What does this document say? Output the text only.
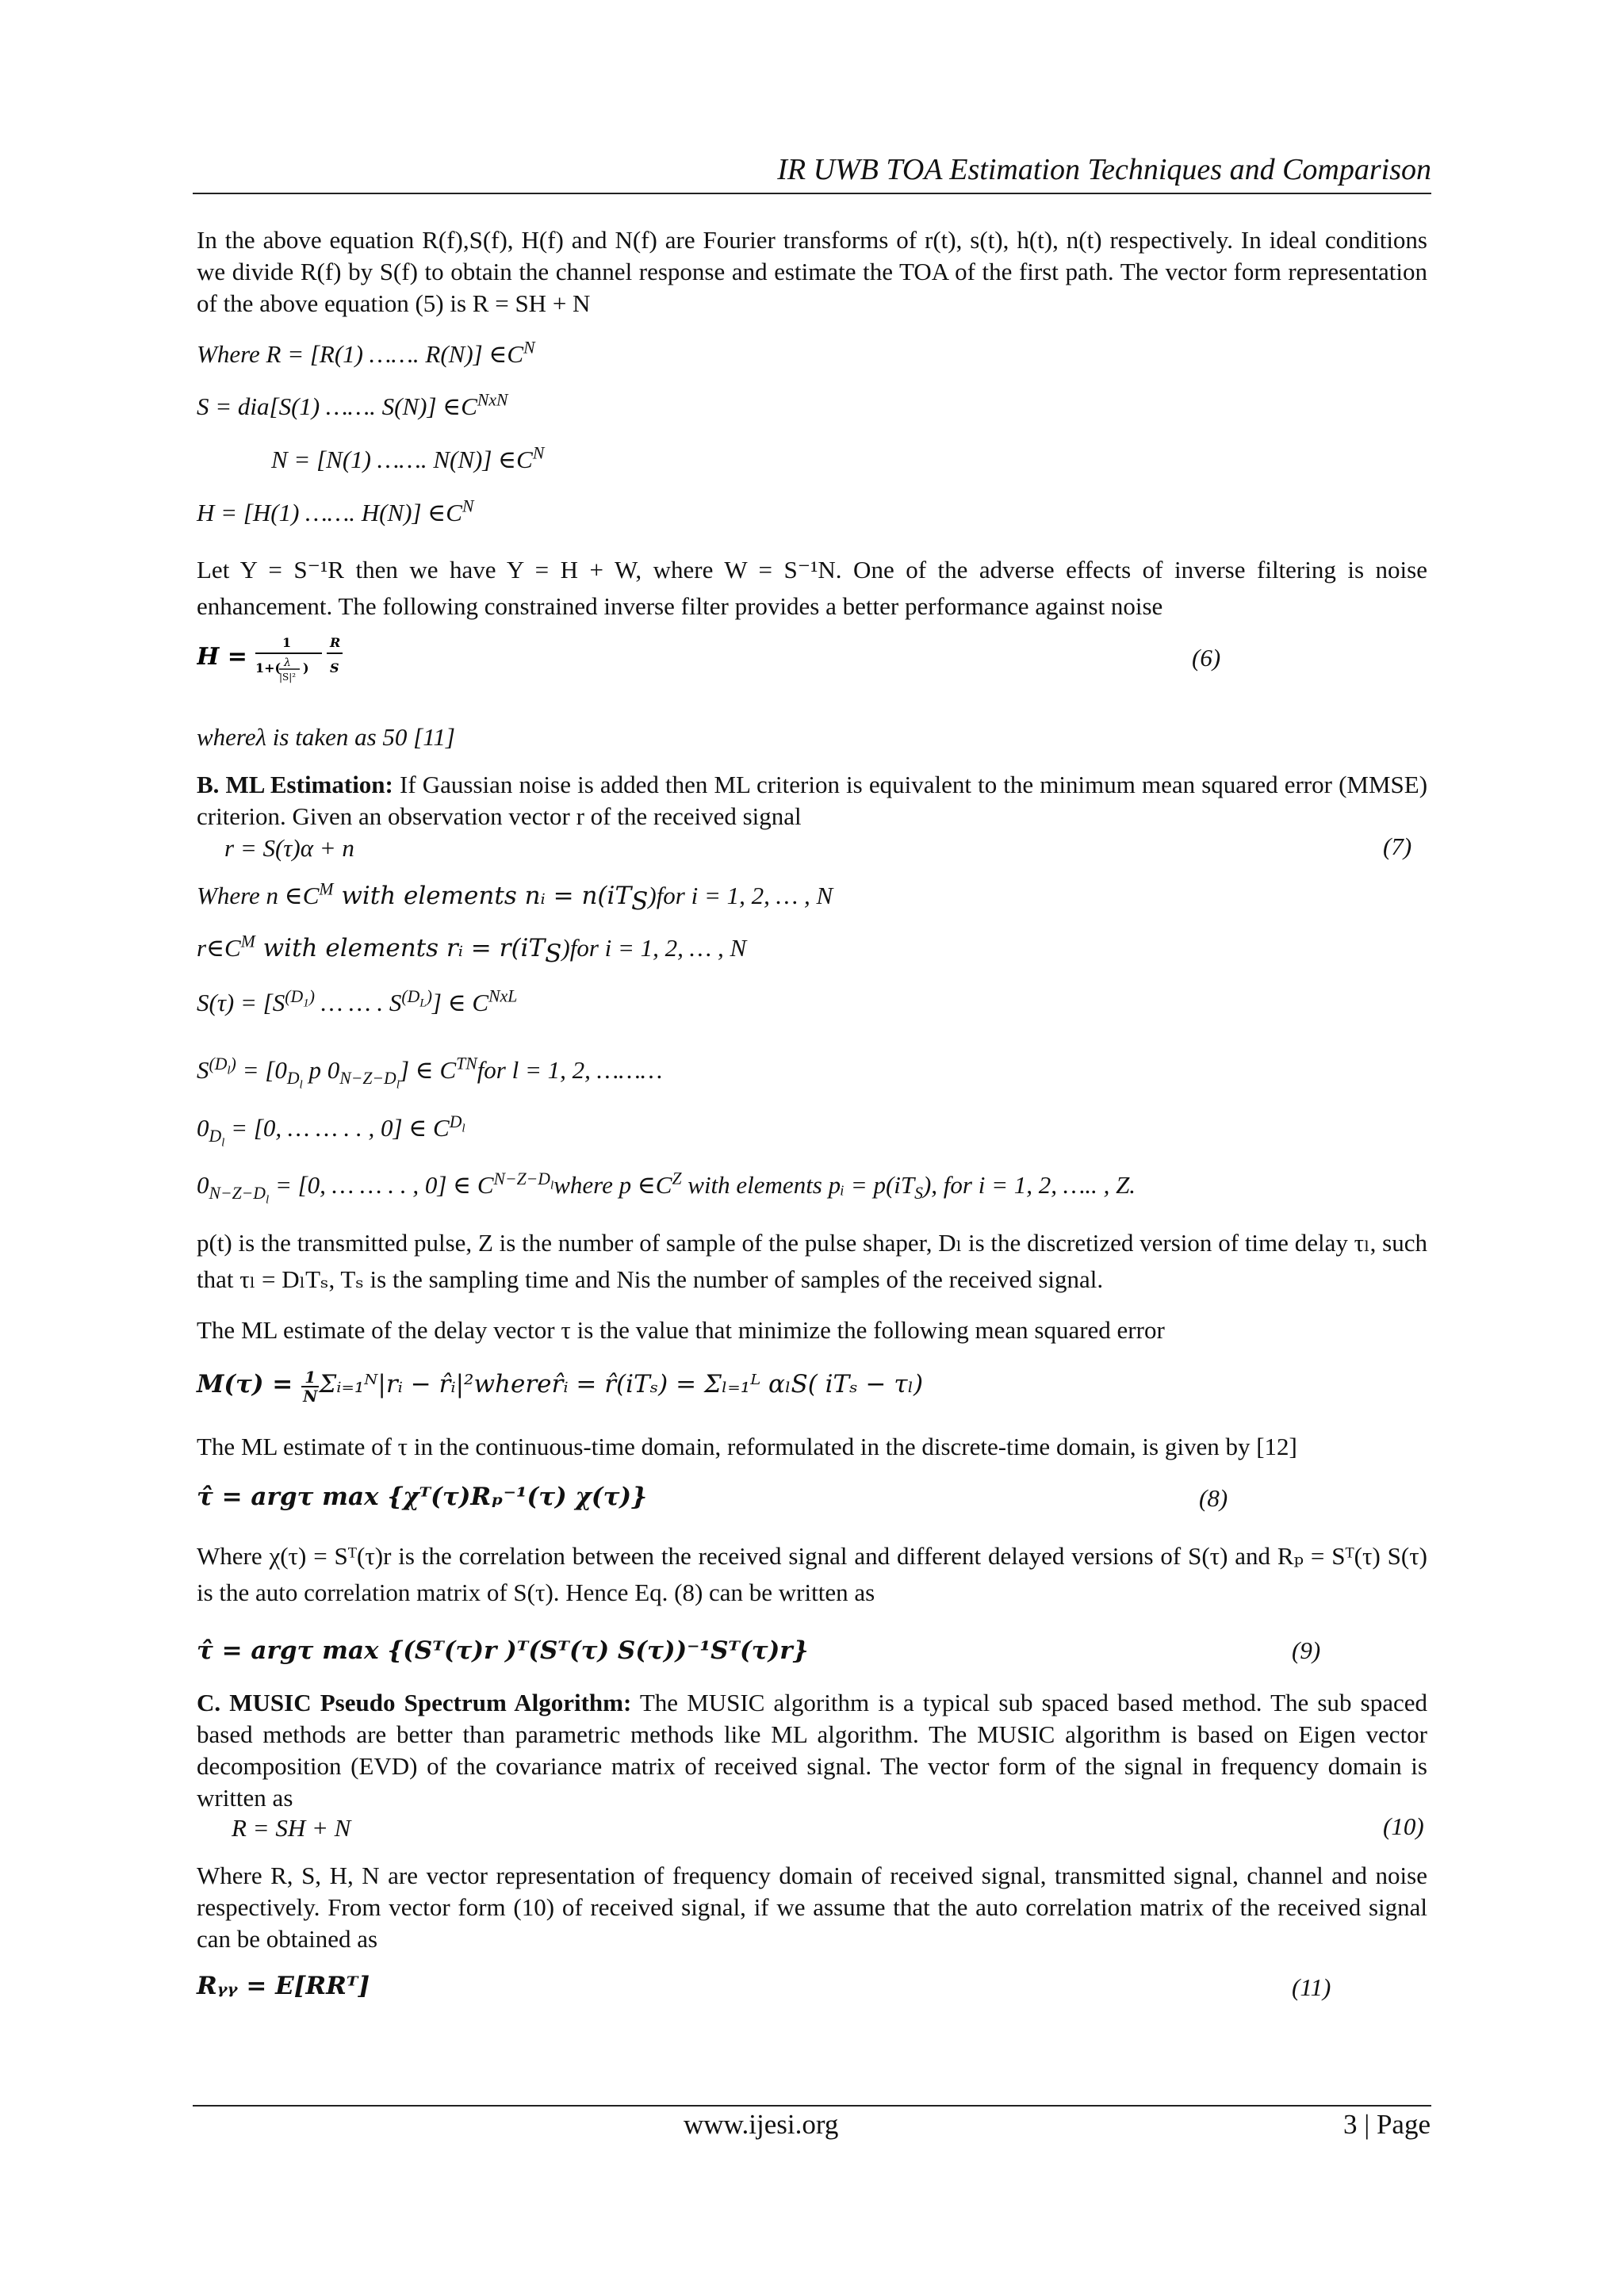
IR UWB TOA Estimation Techniques and Comparison
In the above equation R(f),S(f), H(f) and N(f) are Fourier transforms of r(t), s(t), h(t), n(t) respectively. In ideal conditions we divide R(f) by S(f) to obtain the channel response and estimate the TOA of the first path. The vector form representation of the above equation (5) is R = SH + N
Where R = [R(1) ……. R(N)] $\in C^N$
S = dia[S(1) ……. S(N)] $\in C^{NxN}$
N = [N(1) ……. N(N)] $\in C^N$
H = [H(1) ……. H(N)] $\in C^N$
Let Y = S⁻¹R then we have Y = H + W, where W = S⁻¹N. One of the adverse effects of inverse filtering is noise enhancement. The following constrained inverse filter provides a better performance against noise
H =
1
1+( λ
|S|²
)
R
S	(6)
whereλ is taken as 50 [11]
B. ML Estimation: If Gaussian noise is added then ML criterion is equivalent to the minimum mean squared error (MMSE) criterion. Given an observation vector r of the received signal
r = S(τ)α + n	(7)
Where n $\in C^M$ with elements nᵢ = $n(iT_S)for$ i = 1, 2, … , N
$r\in C^M$ with elements rᵢ = $r(iT_S)for$ i = 1, 2, … , N
$S(\tau) = [S^{(D_1)}$ … … . $S^{(D_L)}$] ∈ $C^{NxL}$
$S^{(D_l)} = [0_{D_l}$ p $0_{N-Z-D_l}$] ∈ $C^{TN}for$ l = 1, 2, ………
$0_{D_l} = [0$, … … . . , 0] ∈ $C^{D_l}$
$0_{N-Z-D_l} = [0$, … … . . , 0] ∈ $C^{N-Z-D_l}where$ p $\in C^Z$ with elements pᵢ = $p(iT_S)$, for i = 1, 2, ….. , Z.
p(t) is the transmitted pulse, Z is the number of sample of the pulse shaper, Dₗ is the discretized version of time delay τₗ, such that τₗ = DₗTₛ, Tₛ is the sampling time and Nis the number of samples of the received signal.
The ML estimate of the delay vector τ is the value that minimize the following mean squared error
M(τ) = 1
NΣᵢ₌₁ᴺ|rᵢ − r̂ᵢ|²wherer̂ᵢ = r̂(iTₛ) = Σₗ₌₁ᴸ αₗS( iTₛ − τₗ)
The ML estimate of τ in the continuous-time domain, reformulated in the discrete-time domain, is given by [12]
τ̂ = argτ max {χᵀ(τ)Rₚ⁻¹(τ) χ(τ)}	(8)
Where χ(τ) = Sᵀ(τ)r is the correlation between the received signal and different delayed versions of S(τ) and Rₚ = Sᵀ(τ) S(τ) is the auto correlation matrix of S(τ). Hence Eq. (8) can be written as
τ̂ = argτ max {(Sᵀ(τ)r )ᵀ(Sᵀ(τ) S(τ))⁻¹Sᵀ(τ)r}	(9)
C. MUSIC Pseudo Spectrum Algorithm: The MUSIC algorithm is a typical sub spaced based method. The sub spaced based methods are better than parametric methods like ML algorithm. The MUSIC algorithm is based on Eigen vector decomposition (EVD) of the covariance matrix of received signal. The vector form of the signal in frequency domain is written as
R = SH + N	(10)
Where R, S, H, N are vector representation of frequency domain of received signal, transmitted signal, channel and noise respectively. From vector form (10) of received signal, if we assume that the auto correlation matrix of the received signal can be obtained as
Rᵧᵧ = E[RRᵀ]	(11)
www.ijesi.org	3 | Page
